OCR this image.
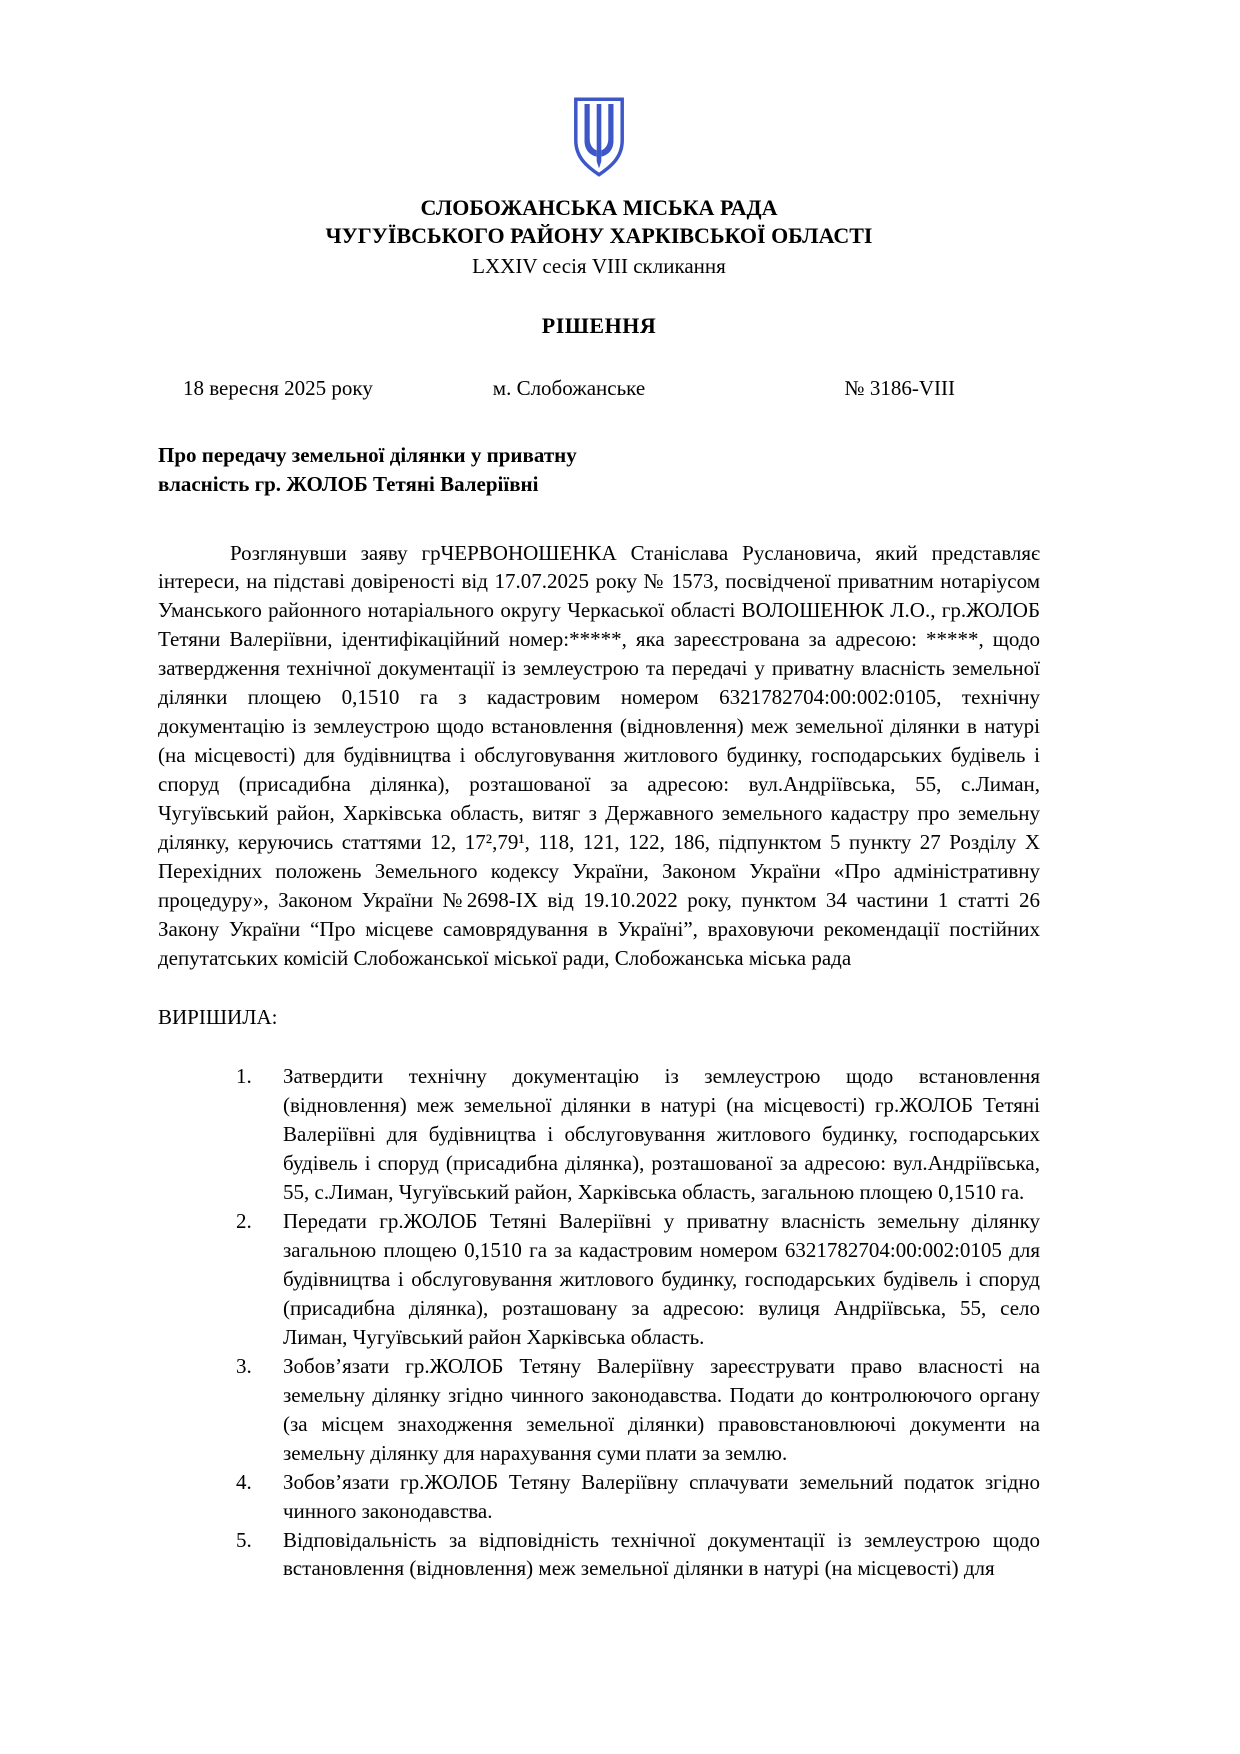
СЛОБОЖАНСЬКА МІСЬКА РАДА
ЧУГУЇВСЬКОГО РАЙОНУ ХАРКІВСЬКОЇ ОБЛАСТІ
LXXIV сесія VIII скликання
РІШЕННЯ
18 вересня 2025 року	м. Слобожанське	№ 3186-VIII
Про передачу земельної ділянки у приватну
власність гр. ЖОЛОБ Тетяні Валеріївні

Розглянувши заяву грЧЕРВОНОШЕНКА Станіслава Руслановича, який представляє інтереси, на підставі довіреності від 17.07.2025 року № 1573, посвідченої приватним нотаріусом Уманського районного нотаріального округу Черкаської області ВОЛОШЕНЮК Л.О., гр.ЖОЛОБ Тетяни Валеріївни, ідентифікаційний номер:*****, яка зареєстрована за адресою: *****, щодо затвердження технічної документації із землеустрою та передачі у приватну власність земельної ділянки площею 0,1510 га з кадастровим номером 6321782704:00:002:0105, технічну документацію із землеустрою щодо встановлення (відновлення) меж земельної ділянки в натурі (на місцевості) для будівництва і обслуговування житлового будинку, господарських будівель і споруд (присадибна ділянка), розташованої за адресою: вул.Андріївська, 55, с.Лиман, Чугуївський район, Харківська область, витяг з Державного земельного кадастру про земельну ділянку, керуючись статтями 12, 17²,79¹, 118, 121, 122, 186, підпунктом 5 пункту 27 Розділу X Перехідних положень Земельного кодексу України, Законом України «Про адміністративну процедуру», Законом України №2698-ІХ від 19.10.2022 року, пунктом 34 частини 1 статті 26 Закону України “Про місцеве самоврядування в Україні”, враховуючи рекомендації постійних депутатських комісій Слобожанської міської ради, Слобожанська міська рада

ВИРІШИЛА:
1.	Затвердити технічну документацію із землеустрою щодо встановлення (відновлення) меж земельної ділянки в натурі (на місцевості) гр.ЖОЛОБ Тетяні Валеріївні для будівництва і обслуговування житлового будинку, господарських будівель і споруд (присадибна ділянка), розташованої за адресою: вул.Андріївська, 55, с.Лиман, Чугуївський район, Харківська область, загальною площею 0,1510 га.
2.	Передати гр.ЖОЛОБ Тетяні Валеріївні у приватну власність земельну ділянку загальною площею 0,1510 га за кадастровим номером 6321782704:00:002:0105 для будівництва і обслуговування житлового будинку, господарських будівель і споруд (присадибна ділянка), розташовану за адресою: вулиця Андріївська, 55, село Лиман, Чугуївський район Харківська область.
3.	Зобов’язати гр.ЖОЛОБ Тетяну Валеріївну зареєструвати право власності на земельну ділянку згідно чинного законодавства. Подати до контролюючого органу (за місцем знаходження земельної ділянки) правовстановлюючі документи на земельну ділянку для нарахування суми плати за землю.
4.	Зобов’язати гр.ЖОЛОБ Тетяну Валеріївну сплачувати земельний податок згідно чинного законодавства.
5.	Відповідальність за відповідність технічної документації із землеустрою щодо встановлення (відновлення) меж земельної ділянки в натурі (на місцевості) для
